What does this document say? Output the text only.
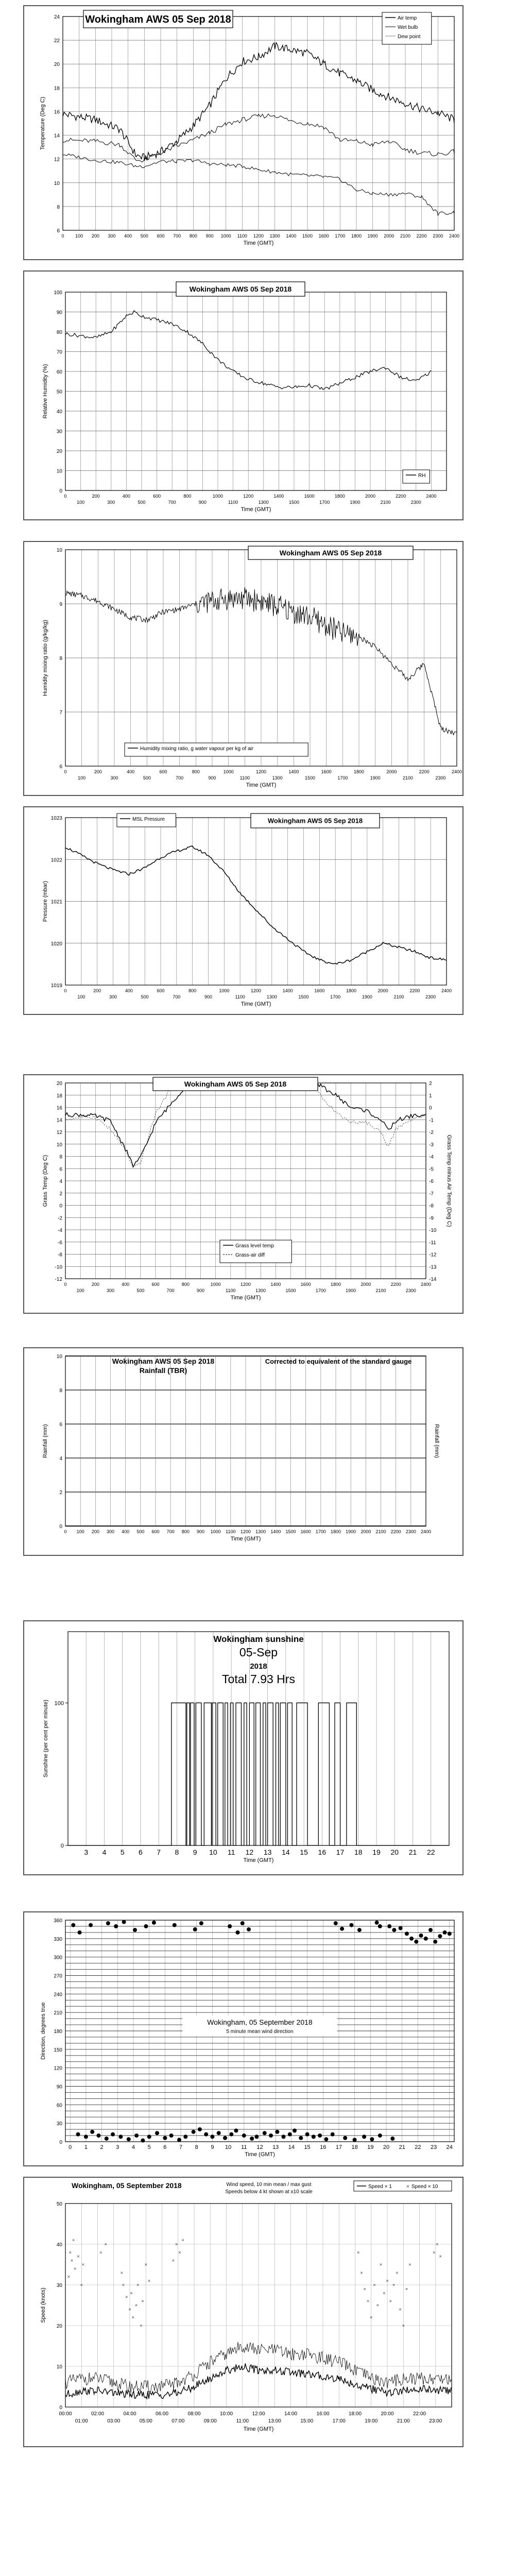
0 100 200 300 400 500 600 700 800 900 1000 1100 1200 1300 1400 1500 1600 1700 1800 1900 2000 2100 2200 2300 2400
6
8
10
12
14
16
18
20
22
24
Time (GMT)
Temperature (Deg C)
Wokingham AWS 05 Sep 2018	Air temp
Wet bulb
Dew point
0
100
200
300
400
500
600
700
800
900
1000
1100
1200
1300
1400
1500
1600
1700
1800
1900
2000
2100
2200
2300
2400
0
10
20
30
40
50
60
70
80
90
100
Time (GMT)
Relative Humidity (%)
Wokingham AWS 05 Sep 2018
RH
0
100
200
300
400
500
600
700
800
900
1000
1100
1200
1300
1400
1500
1600
1700
1800
1900
2000
2100
2200
2300
2400
6
7
8
9
10
Time (GMT)
Humidity mixing ratio (g/kg/kg)
Wokingham AWS 05 Sep 2018
Humidity mixing ratio, g water vapour per kg of air
0
100
200
300
400
500
600
700
800
900
1000
1100
1200
1300
1400
1500
1600
1700
1800
1900
2000
2100
2200
2300
2400
1019
1020
1021
1022
1023
Time (GMT)
Pressure (mbar)
Wokingham AWS 05 Sep 2018
MSL Pressure
0
100
200
300
400
500
600
700
800
900
1000
1100
1200
1300
1400
1500
1600
1700
1800
1900
2000
2100
2200
2300
2400
-12
-10
-8
-6
-4
-2
0
2
4
6
8
10
12
14
16
18
20
Time (GMT)
Grass Temp (Deg C)
-14
-13
-12
-11
-10
-9
-8
-7
-6
-5
-4
-3
-2
-1
0
1
2
Grass Temp minus Air Temp (Deg C)
Wokingham AWS 05 Sep 2018
Grass level temp
Grass-air diff
0 100 200 300 400 500 600 700 800 900 1000 1100 1200 1300 1400 1500 1600 1700 1800 1900 2000 2100 2200 2300 2400
0
2
4
6
8
10
Time (GMT)
Rainfall (mm)	Rainfall (mm)
Wokingham AWS 05 Sep 2018
Rainfall (TBR)
Corrected to equivalent of the standard gauge
3 4 5 6 7 8 9 10 11 12 13 14 15 16 17 18 19 20 21 22
0
100
Time (GMT)
Sunshine (per cent per minute)
Wokingham sunshine
05-Sep
2018
Total 7.93 Hrs
0 1 2 3 4 5 6 7 8 9 10 11 12 13 14 15 16 17 18 19 20 21 22 23 24
0
30
60
90
120
150
180
210
240
270
300
330
360
Time (GMT)
Direction, degrees true	Wokingham, 05 September 2018
5 minute mean wind direction
00:00	02:00	04:00	06:00	08:00	10:00	12:00	14:00	16:00	18:00	20:00	22:00
01:00	03:00	05:00	07:00	09:00	11:00	13:00	15:00	17:00	19:00	21:00	23:00
0
10
20
30
40
50
Time (GMT)
Speed (knots)
×
×
×
×
×
×
×
×
×
×
×
×
×
×
×
×
×
×
×
×
×
×
×
×
×
×
×
×
×
×
×
×
×
×
×
×
×
×
×
×
×
×
×
×
×
×
Wokingham, 05 September 2018	Wind speed, 10 min mean / max gust
Speeds below 4 kt shown at x10 scale
Speed × 1	× Speed × 10
